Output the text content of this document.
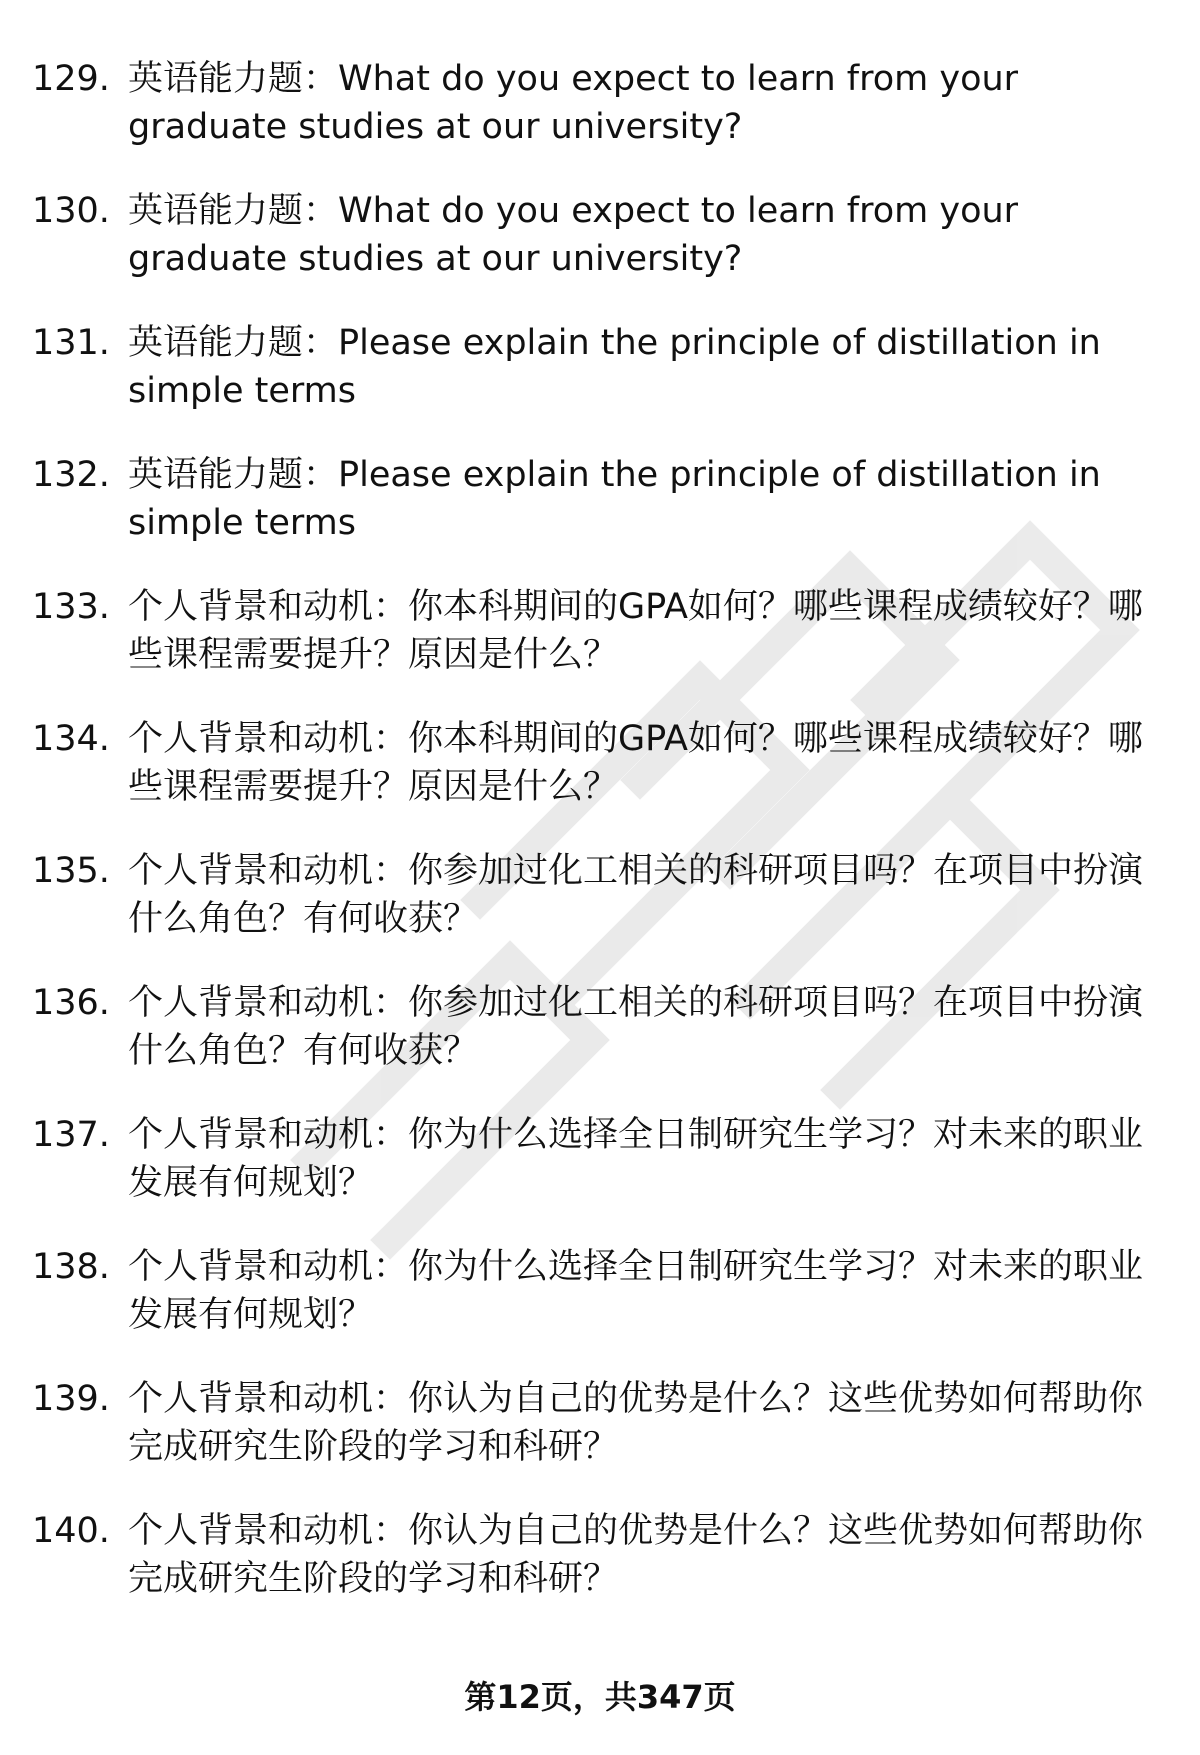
129. 英语能力题：What do you expect to learn from your graduate studies at our university?
130. 英语能力题：What do you expect to learn from your graduate studies at our university?
131. 英语能力题：Please explain the principle of distillation in simple terms
132. 英语能力题：Please explain the principle of distillation in simple terms
133. 个人背景和动机：你本科期间的GPA如何？哪些课程成绩较好？哪些课程需要提升？原因是什么？
134. 个人背景和动机：你本科期间的GPA如何？哪些课程成绩较好？哪些课程需要提升？原因是什么？
135. 个人背景和动机：你参加过化工相关的科研项目吗？在项目中扮演什么角色？有何收获？
136. 个人背景和动机：你参加过化工相关的科研项目吗？在项目中扮演什么角色？有何收获？
137. 个人背景和动机：你为什么选择全日制研究生学习？对未来的职业发展有何规划？
138. 个人背景和动机：你为什么选择全日制研究生学习？对未来的职业发展有何规划？
139. 个人背景和动机：你认为自己的优势是什么？这些优势如何帮助你完成研究生阶段的学习和科研？
140. 个人背景和动机：你认为自己的优势是什么？这些优势如何帮助你完成研究生阶段的学习和科研？
第12页，共347页
